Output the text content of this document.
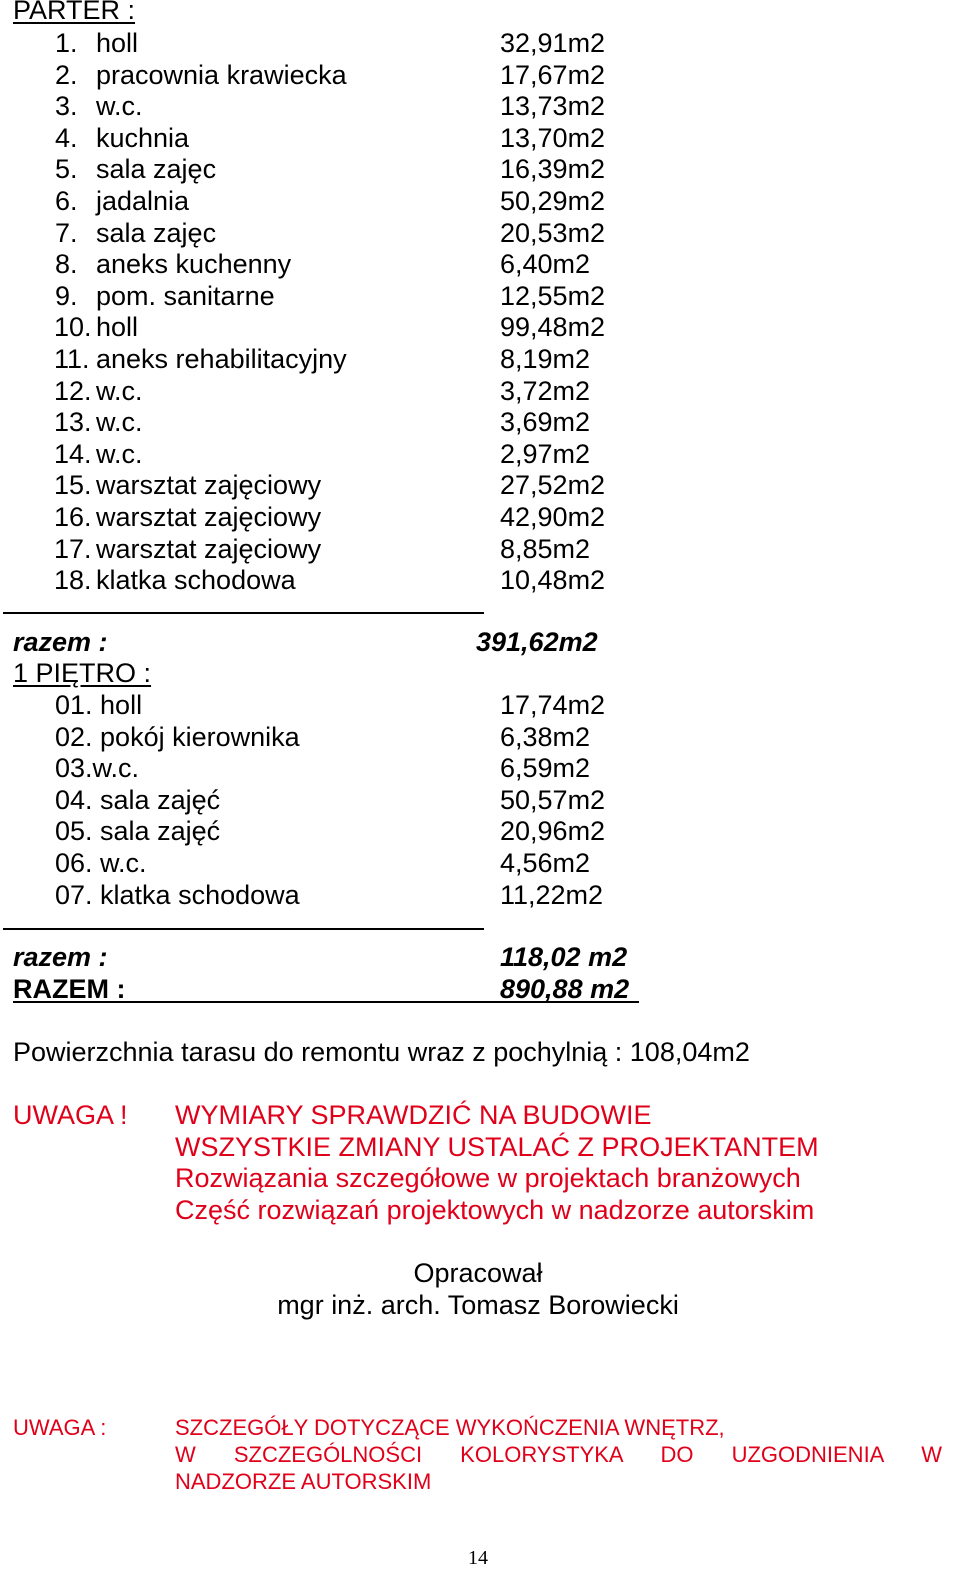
PARTER :
1. holl	32,91m2
2. pracownia krawiecka	17,67m2
3. w.c.	13,73m2
4. kuchnia	13,70m2
5. sala zajęc	16,39m2
6. jadalnia	50,29m2
7. sala zajęc	20,53m2
8. aneks kuchenny	6,40m2
9. pom. sanitarne	12,55m2
10. holl	99,48m2
11. aneks rehabilitacyjny	8,19m2
12. w.c.	3,72m2
13. w.c.	3,69m2
14. w.c.	2,97m2
15. warsztat zajęciowy	27,52m2
16. warsztat zajęciowy	42,90m2
17. warsztat zajęciowy	8,85m2
18. klatka schodowa	10,48m2
razem :	391,62m2
1 PIĘTRO :
01. holl	17,74m2
02. pokój kierownika	6,38m2
03.w.c.	6,59m2
04. sala zajęć	50,57m2
05. sala zajęć	20,96m2
06. w.c.	4,56m2
07. klatka schodowa	11,22m2
razem :	118,02 m2
RAZEM :	890,88 m2
Powierzchnia tarasu do remontu wraz z pochylnią : 108,04m2
UWAGA ! WYMIARY SPRAWDZIĆ NA BUDOWIE
WSZYSTKIE ZMIANY USTALAĆ Z PROJEKTANTEM
Rozwiązania szczegółowe w projektach branżowych
Część rozwiązań projektowych w nadzorze autorskim
Opracował
mgr inż. arch. Tomasz Borowiecki
UWAGA :	SZCZEGÓŁY DOTYCZĄCE WYKOŃCZENIA WNĘTRZ,
W SZCZEGÓLNOŚCI KOLORYSTYKA DO UZGODNIENIA W
NADZORZE AUTORSKIM
14
